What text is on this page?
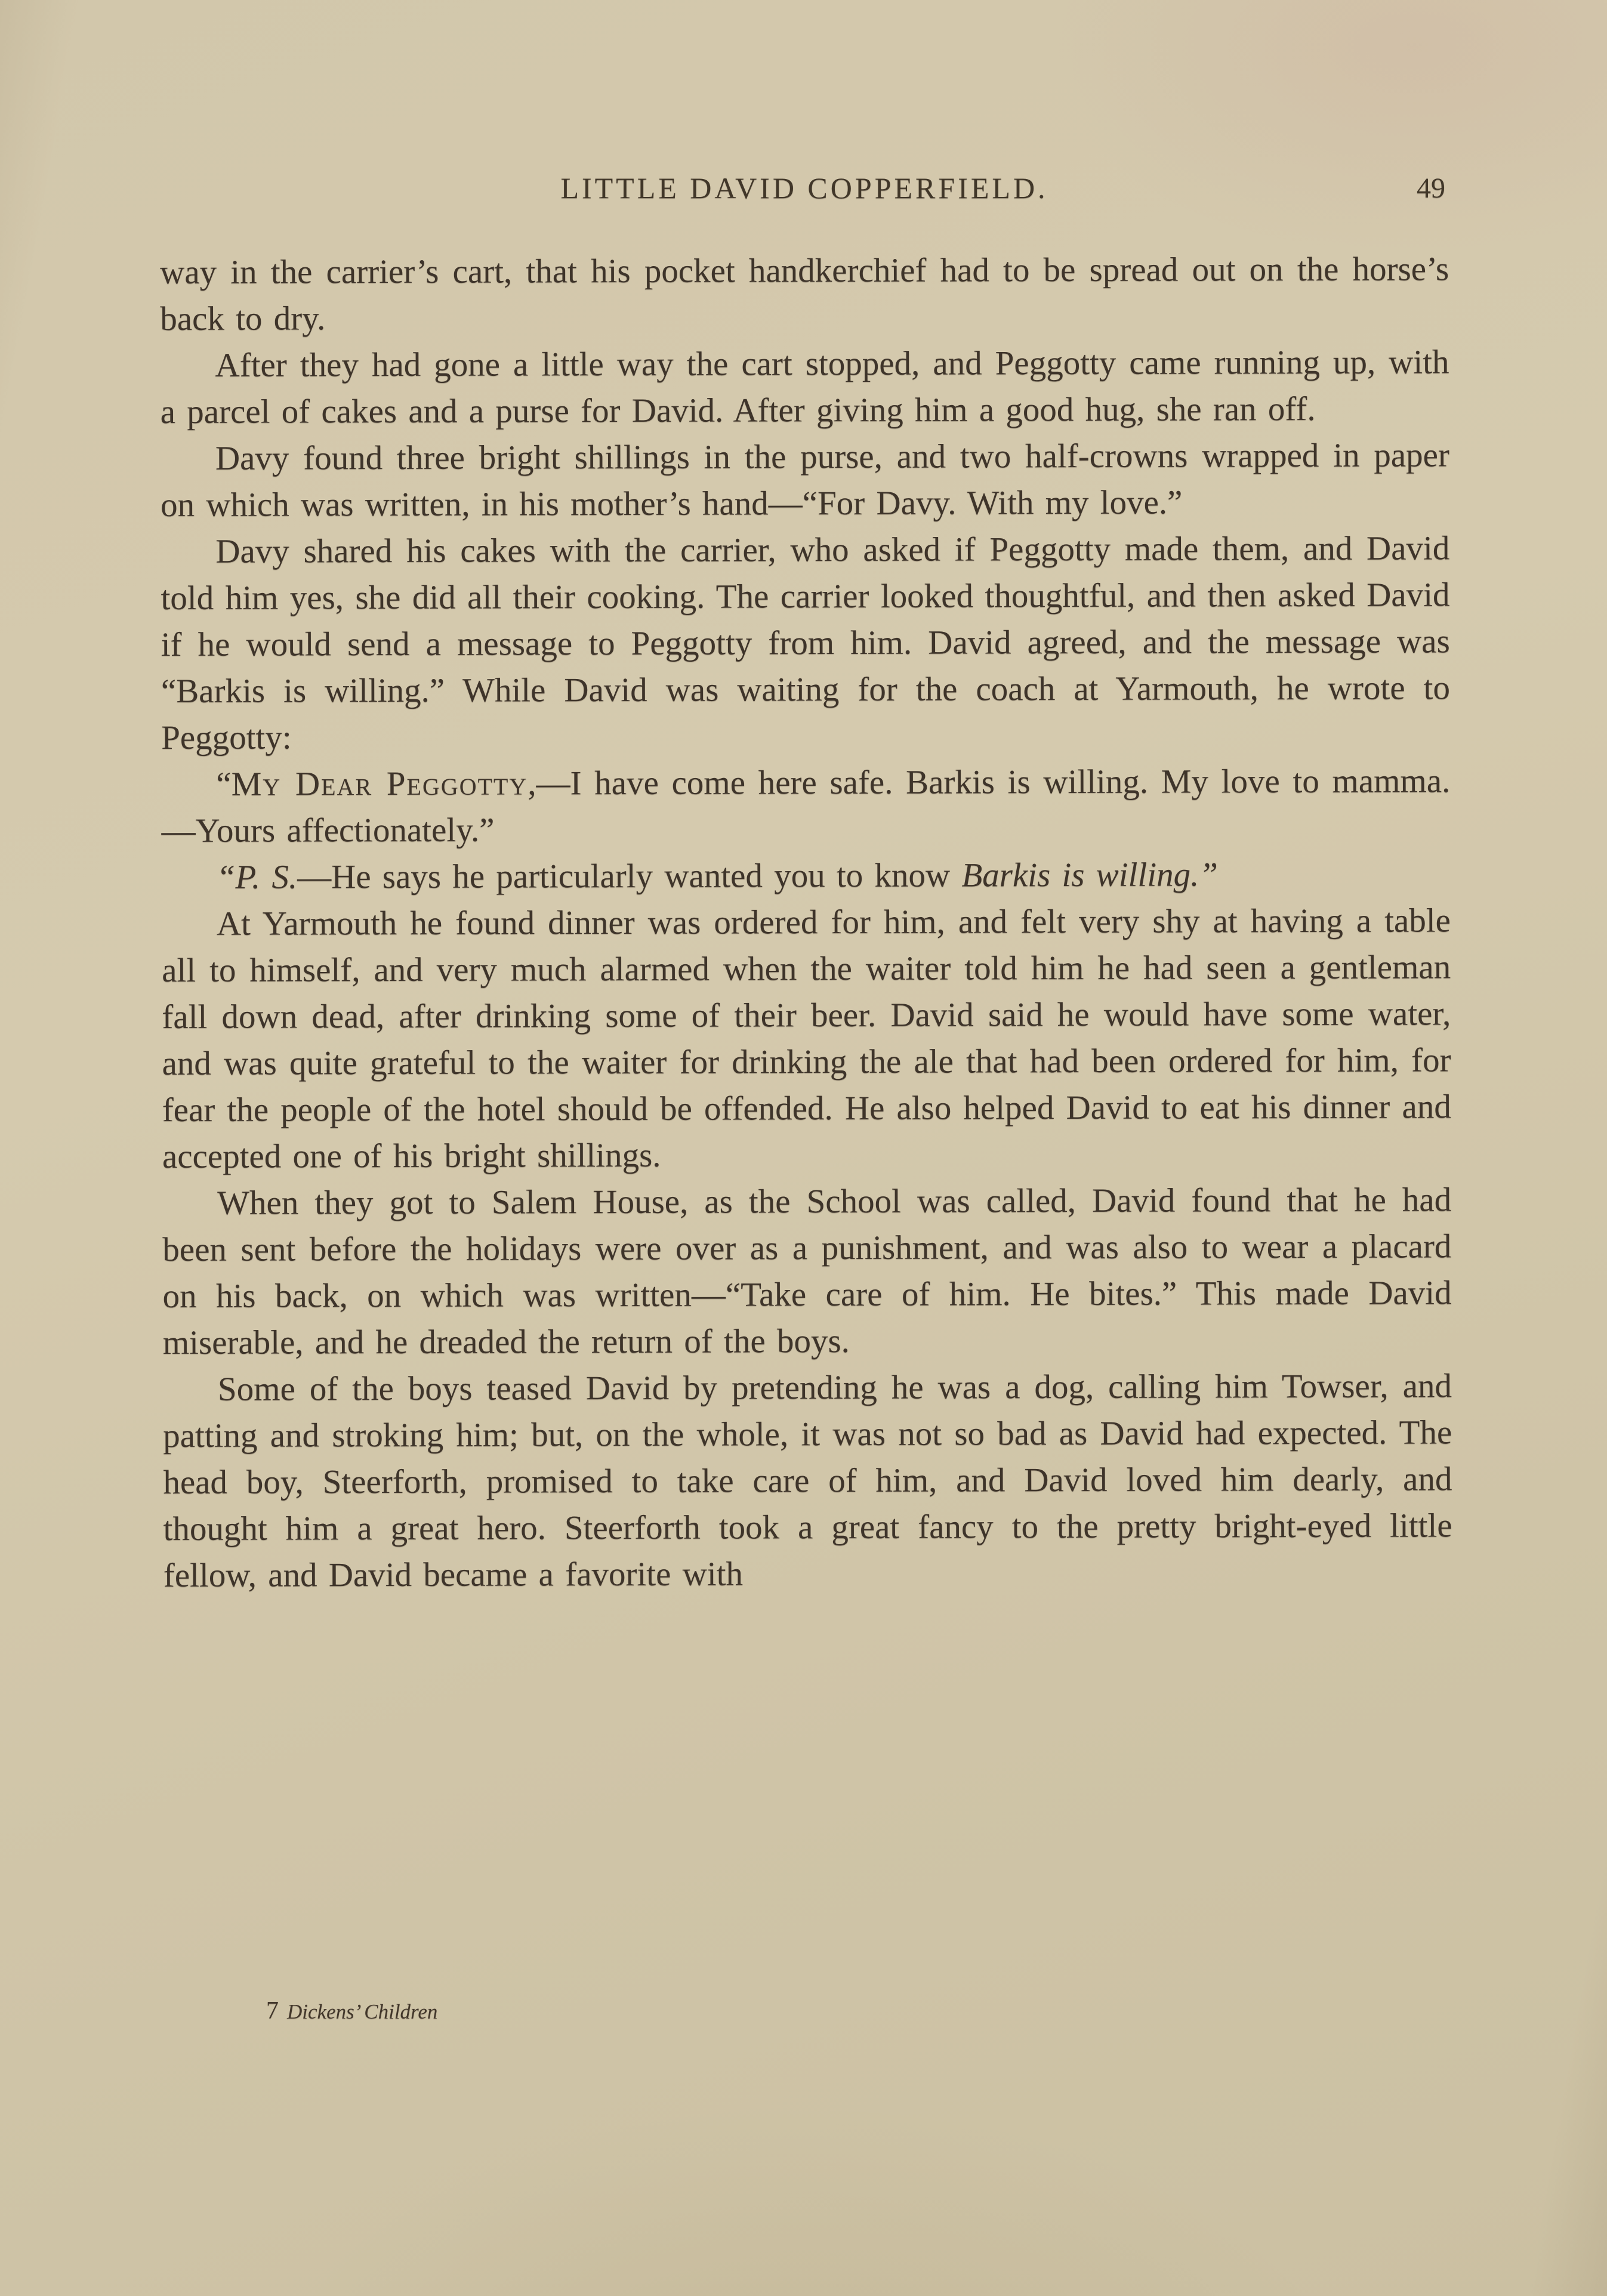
LITTLE DAVID COPPERFIELD.	49

way in the carrier’s cart, that his pocket handkerchief had to be spread out on the horse’s back to dry.

After they had gone a little way the cart stopped, and Peggotty came running up, with a parcel of cakes and a purse for David. After giving him a good hug, she ran off.

Davy found three bright shillings in the purse, and two half-crowns wrapped in paper on which was written, in his mother’s hand—“For Davy. With my love.”

Davy shared his cakes with the carrier, who asked if Peggotty made them, and David told him yes, she did all their cooking. The carrier looked thoughtful, and then asked David if he would send a message to Peggotty from him. David agreed, and the message was “Barkis is willing.” While David was waiting for the coach at Yarmouth, he wrote to Peggotty:

“My Dear Peggotty,—I have come here safe. Barkis is willing. My love to mamma.—Yours affectionately.”

“P. S.—He says he particularly wanted you to know Barkis is willing.”

At Yarmouth he found dinner was ordered for him, and felt very shy at having a table all to himself, and very much alarmed when the waiter told him he had seen a gentleman fall down dead, after drinking some of their beer. David said he would have some water, and was quite grateful to the waiter for drinking the ale that had been ordered for him, for fear the people of the hotel should be offended. He also helped David to eat his dinner and accepted one of his bright shillings.

When they got to Salem House, as the School was called, David found that he had been sent before the holidays were over as a punishment, and was also to wear a placard on his back, on which was written—“Take care of him. He bites.” This made David miserable, and he dreaded the return of the boys.

Some of the boys teased David by pretending he was a dog, calling him Towser, and patting and stroking him; but, on the whole, it was not so bad as David had expected. The head boy, Steerforth, promised to take care of him, and David loved him dearly, and thought him a great hero. Steerforth took a great fancy to the pretty bright-eyed little fellow, and David became a favorite with

7 Dickens’ Children
